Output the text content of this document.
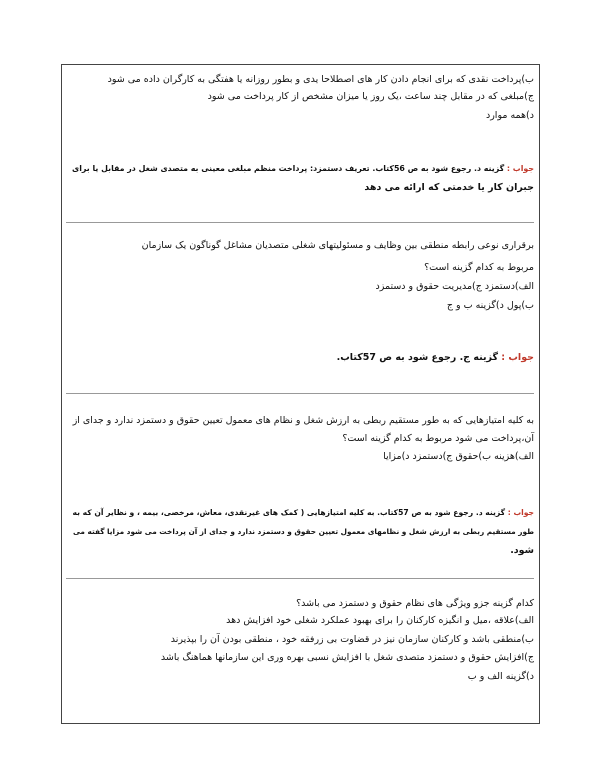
ب)پرداخت نقدی که برای انجام دادن کار های اصطلاحا یدی و بطور روزانه یا هفتگی به کارگران داده می شود
ج)مبلغی که در مقابل چند ساعت ،یک روز یا میزان مشخص از کار پرداخت می شود
د)همه موارد
جواب : گزینه د. رجوع شود به ص 56کتاب. تعریف دستمزد: پرداخت منظم مبلغی معینی به متصدی شغل در مقابل یا برای
جبران کار یا خدمتی که ارائه می دهد
برقراری نوعی رابطه منطقی بین وظایف و مسئولیتهای شغلی متصدیان مشاغل گوناگون یک سازمان
مربوط به کدام گزینه است؟
الف)دستمزد ج)مدیریت حقوق و دستمزد
ب)پول د)گزینه ب و ج
جواب : گزینه ج. رجوع شود به ص 57کتاب.
به کلیه امتیازهایی که به طور مستقیم ربطی به ارزش شغل و نظام های معمول تعیین حقوق و دستمزد ندارد و جدای از
آن،پرداخت می شود مربوط به کدام گزینه است؟
الف)هزینه ب)حقوق ج)دستمزد د)مزایا
جواب : گزینه د. رجوع شود به ص 57کتاب. به کلیه امتیازهایی ( کمک های غیرنقدی، معاش، مرخصی، بیمه ، و نظایر آن که به
طور مستقیم ربطی به ارزش شغل و نظامهای معمول تعیین حقوق و دستمزد ندارد و جدای از آن پرداخت می شود مزایا گفته می
شود.
کدام گزینه جزو ویژگی های نظام حقوق و دستمزد می باشد؟
الف)علاقه ،میل و انگیزه کارکنان را برای بهبود عملکرد شغلی خود افزایش دهد
ب)منطقی باشد و کارکنان سازمان نیز در قضاوت بی زرفقه خود ، منطقی بودن آن را بپذیرند
ج)افزایش حقوق و دستمزد متصدی شغل با افزایش نسبی بهره وری این سازمانها هماهنگ باشد
د)گزینه الف و ب
